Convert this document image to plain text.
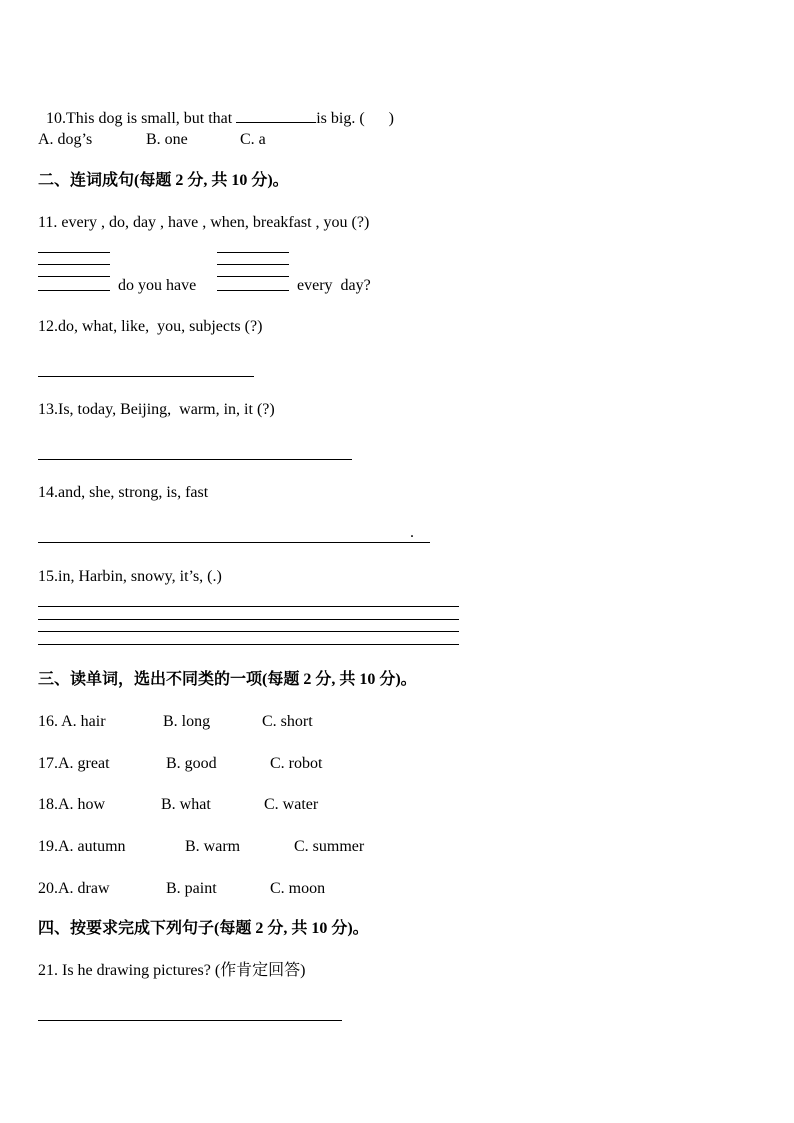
10.This dog is small, but that	is big. (      )

A. dog’s	B. one	C. a
二、连词成句(每题 2 分, 共 10 分)。
11. every , do, day , have , when, breakfast , you (?)
do you have	every  day?
12.do, what, like,  you, subjects (?)
13.Is, today, Beijing,  warm, in, it (?)
14.and, she, strong, is, fast
.
15.in, Harbin, snowy, it’s, (.)
三、读单词，选出不同类的一项(每题 2 分, 共 10 分)。
16. A. hair	B. long	C. short
17.A. great	B. good	C. robot
18.A. how	B. what	C. water
19.A. autumn	B. warm	C. summer
20.A. draw	B. paint	C. moon
四、按要求完成下列句子(每题 2 分, 共 10 分)。
21. Is he drawing pictures? (作肯定回答)
